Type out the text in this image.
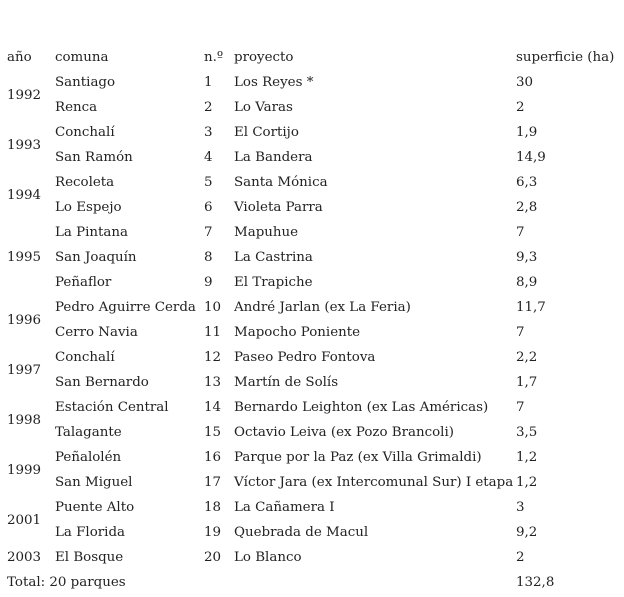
año	comuna	n.º	proyecto	superficie (ha)
1992	Santiago	1	Los Reyes *	30
	Renca	2	Lo Varas	2
1993	Conchalí	3	El Cortijo	1,9
	San Ramón	4	La Bandera	14,9
1994	Recoleta	5	Santa Mónica	6,3
	Lo Espejo	6	Violeta Parra	2,8
1995	La Pintana	7	Mapuhue	7
	San Joaquín	8	La Castrina	9,3
	Peñaflor	9	El Trapiche	8,9
1996	Pedro Aguirre Cerda	10	André Jarlan (ex La Feria)	11,7
	Cerro Navia	11	Mapocho Poniente	7
1997	Conchalí	12	Paseo Pedro Fontova	2,2
	San Bernardo	13	Martín de Solís	1,7
1998	Estación Central	14	Bernardo Leighton (ex Las Américas)	7
	Talagante	15	Octavio Leiva (ex Pozo Brancoli)	3,5
1999	Peñalolén	16	Parque por la Paz (ex Villa Grimaldi)	1,2
	San Miguel	17	Víctor Jara (ex Intercomunal Sur) I etapa	1,2
2001	Puente Alto	18	La Cañamera I	3
	La Florida	19	Quebrada de Macul	9,2
2003	El Bosque	20	Lo Blanco	2
Total: 20 parques				132,8
